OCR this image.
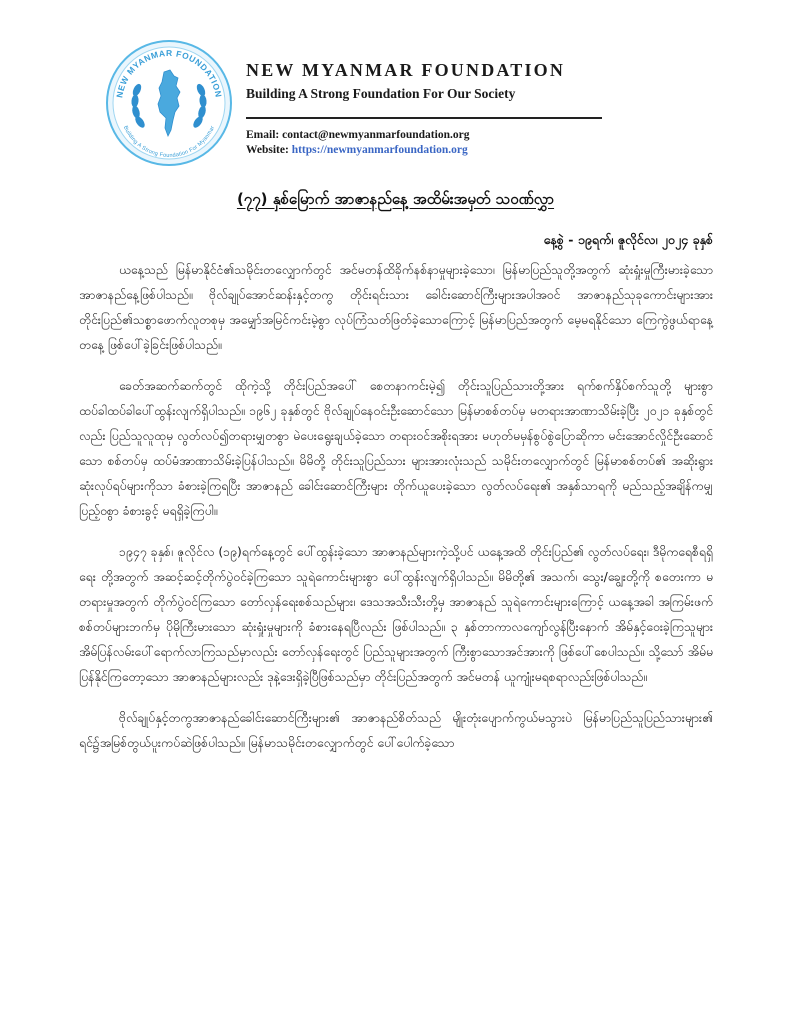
NEW MYANMAR FOUNDATION
Building A Strong Foundation For Myanmar
NEW MYANMAR FOUNDATION
Building A Strong Foundation For Our Society
Email: contact@newmyanmarfoundation.org
Website: https://newmyanmarfoundation.org
(၇၇) နှစ်မြောက် အာဇာနည်နေ့ အထိမ်းအမှတ် သဝဏ်လွှာ
နေ့စွဲ - ၁၉ရက်၊ ဇူလိုင်လ၊ ၂၀၂၄ ခုနှစ်

ယနေ့သည် မြန်မာနိုင်ငံ၏သမိုင်းတလျှောက်တွင် အင်မတန်ထိခိုက်နစ်နာမှုများခဲ့သော၊ မြန်မာပြည်သူတို့အတွက် ဆုံးရှုံးမှုကြီးမားခဲ့သော အာဇာနည်နေ့ဖြစ်ပါသည်။ ဗိုလ်ချုပ်အောင်ဆန်းနှင့်တကွ တိုင်းရင်းသား ခေါင်းဆောင်ကြီးများအပါအဝင် အာဇာနည်သုခုကောင်းများအား တိုင်းပြည်၏သစ္စာဖောက်လူတစုမှ အမျှော်အမြင်ကင်းမဲ့စွာ လုပ်ကြံသတ်ဖြတ်ခဲ့သောကြောင့် မြန်မာပြည်အတွက် မေ့မရနိုင်သော ကြေကွဲဖွယ်ရာနေ့တနေ့ ဖြစ်ပေါ်ခဲ့ခြင်းဖြစ်ပါသည်။

ခေတ်အဆက်ဆက်တွင် ထိုကဲ့သို့ တိုင်းပြည်အပေါ် စေတနာကင်းမဲ့၍ တိုင်းသူပြည်သားတို့အား ရက်စက်နှိပ်စက်သူတို့ များစွာထပ်ခါထပ်ခါပေါ်ထွန်းလျက်ရှိပါသည်။ ၁၉၆၂ ခုနှစ်တွင် ဗိုလ်ချုပ်နေဝင်းဦးဆောင်သော မြန်မာစစ်တပ်မှ မတရားအာဏာသိမ်းခဲ့ပြီး ၂၀၂၁ ခုနှစ်တွင်လည်း ပြည်သူလူထုမှ လွတ်လပ်၍တရားမျှတစွာ မဲပေးရွေးချယ်ခဲ့သော တရားဝင်အစိုးရအား မဟုတ်မမှန်စွပ်စွဲပြောဆိုကာ မင်းအောင်လှိုင်ဦးဆောင်သော စစ်တပ်မှ ထပ်မံအာဏာသိမ်းခဲ့ပြန်ပါသည်။ မိမိတို့ တိုင်းသူပြည်သား များအားလုံးသည် သမိုင်းတလျှောက်တွင် မြန်မာစစ်တပ်၏ အဆိုးရွားဆုံးလုပ်ရပ်များကိုသာ ခံစားခဲ့ကြရပြီး အာဇာနည် ခေါင်းဆောင်ကြီးများ တိုက်ယူပေးခဲ့သော လွတ်လပ်ရေး၏ အနှစ်သာရကို မည်သည့်အချိန်ကမျှ ပြည့်ဝစွာ ခံစားခွင့် မရရှိခဲ့ကြပါ။

၁၉၄၇ ခုနှစ်၊ ဇူလိုင်လ (၁၉)ရက်နေ့တွင် ပေါ်ထွန်းခဲ့သော အာဇာနည်များကဲ့သို့ပင် ယနေ့အထိ တိုင်းပြည်၏ လွတ်လပ်ရေး၊ ဒီမိုကရေစီရရှိရေး တို့အတွက် အဆင့်ဆင့်တိုက်ပွဲဝင်ခဲ့ကြသော သူရဲကောင်းများစွာ ပေါ်ထွန်းလျက်ရှိပါသည်။ မိမိတို့၏ အသက်၊ သွေး/ချွေးတို့ကို စတေးကာ မတရားမှုအတွက် တိုက်ပွဲဝင်ကြသော တော်လှန်ရေးစစ်သည်များ၊ ဒေသအသီးသီးတို့မှ အာဇာနည် သူရဲကောင်းများကြောင့် ယနေ့အခါ အကြမ်းဖက်စစ်တပ်များဘက်မှ ပိုမိုကြီးမားသော ဆုံးရှုံးမှုများကို ခံစားနေရပြီလည်း ဖြစ်ပါသည်။ ၃ နှစ်တာကာလကျော်လွန်ပြီးနောက် အိမ်နှင့်ဝေးခဲ့ကြသူများ အိမ်ပြန်လမ်းပေါ်ရောက်လာကြသည်မှာလည်း တော်လှန်ရေးတွင် ပြည်သူများအတွက် ကြီးစွာသောအင်အားကို ဖြစ်ပေါ်စေပါသည်။ သို့သော် အိမ်မပြန်နိုင်ကြတော့သော အာဇာနည်များလည်း ဒုနဲ့ဒေးရှိခဲ့ပြီဖြစ်သည်မှာ တိုင်းပြည်အတွက် အင်မတန် ယူကျုံးမရစရာလည်းဖြစ်ပါသည်။

ဗိုလ်ချုပ်နှင့်တကွအာဇာနည်ခေါင်းဆောင်ကြီးများ၏ အာဇာနည်စိတ်သည် မျိုးတုံးပျောက်ကွယ်မသွားပဲ မြန်မာပြည်သူပြည်သားများ၏ ရင်၌အမြစ်တွယ်ပူးကပ်ဆဲဖြစ်ပါသည်။ မြန်မာသမိုင်းတလျှောက်တွင် ပေါ်ပေါက်ခဲ့သော
